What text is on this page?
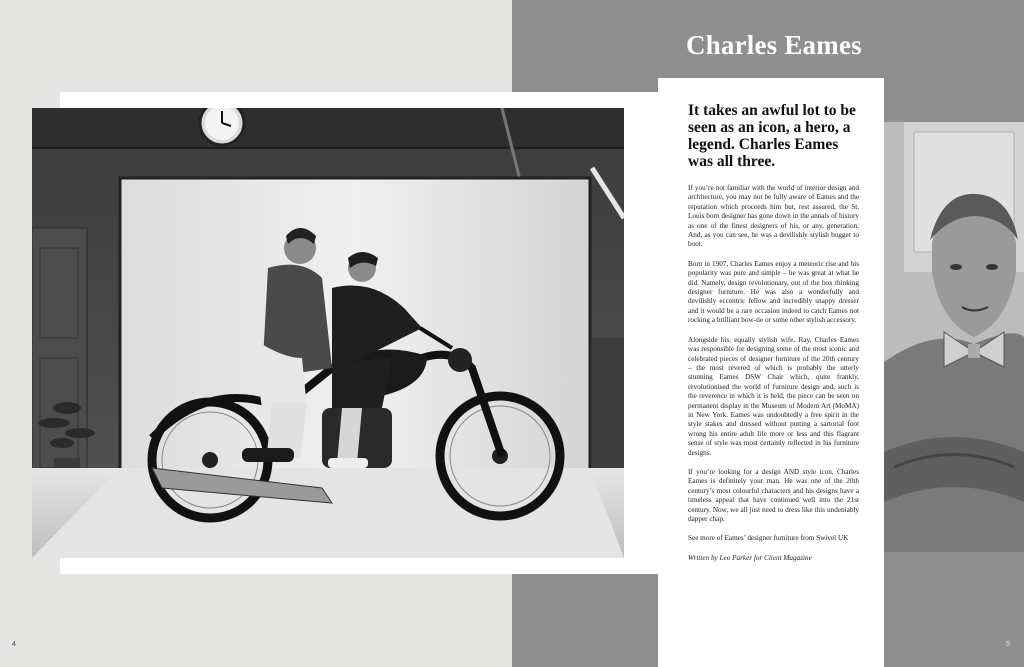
Charles Eames

It takes an awful lot to be seen as an icon, a hero, a legend. Charles Eames was all three.

If you’re not familiar with the world of interior design and architecture, you may not be fully aware of Eames and the reputation which proceeds him but, rest assured, the St. Louis born designer has gone down in the annals of history as one of the finest designers of his, or any, generation. And, as you can see, he was a devilishly stylish bugger to boot.

Born in 1907, Charles Eames enjoy a meteoric rise and his popularity was pure and simple – he was great at what he did. Namely, design revolutionary, out of the box thinking designer furniture. He was also a wonderfully and devilishly eccentric fellow and incredibly snappy dresser and it would be a rare occasion indeed to catch Eames not rocking a brilliant bow-tie or some other stylish accessory.

Alongside his, equally stylish wife, Ray, Charles Eames was responsible for designing some of the most iconic and celebrated pieces of designer furniture of the 20th century – the most revered of which is probably the utterly stunning Eames DSW Chair which, quite frankly, revolutionised the world of furniture design and, such is the reverence in which it is held, the piece can be seen on permanent display in the Museum of Modern Art (MoMA) in New York. Eames was undoubtedly a free spirit in the style stakes and dressed without putting a sartorial foot wrong his entire adult life more or less and this flagrant sense of style was most certainly reflected in his furniture designs.

If you’re looking for a design AND style icon, Charles Eames is definitely your man. He was one of the 20th century’s most colourful characters and his designs have a timeless appeal that have continued well into the 21st century. Now, we all just need to dress like this undeniably dapper chap.

See more of Eames’ designer furniture from Swivel UK

Written by Leo Parker for Client Magazine

4	5
